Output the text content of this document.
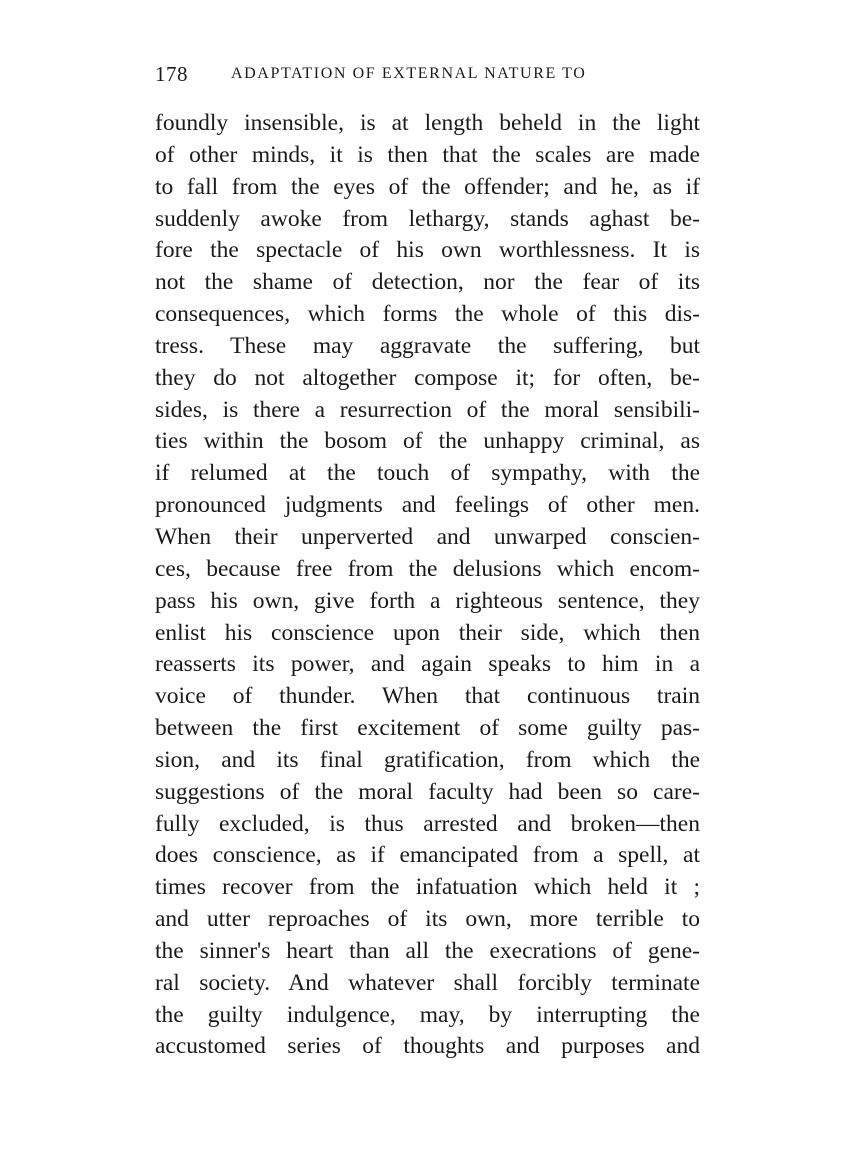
178	ADAPTATION OF EXTERNAL NATURE TO
foundly insensible, is at length beheld in the light
of other minds, it is then that the scales are made
to fall from the eyes of the offender; and he, as if
suddenly awoke from lethargy, stands aghast be-
fore the spectacle of his own worthlessness. It is
not the shame of detection, nor the fear of its
consequences, which forms the whole of this dis-
tress. These may aggravate the suffering, but
they do not altogether compose it; for often, be-
sides, is there a resurrection of the moral sensibili-
ties within the bosom of the unhappy criminal, as
if relumed at the touch of sympathy, with the
pronounced judgments and feelings of other men.
When their unperverted and unwarped conscien-
ces, because free from the delusions which encom-
pass his own, give forth a righteous sentence, they
enlist his conscience upon their side, which then
reasserts its power, and again speaks to him in a
voice of thunder. When that continuous train
between the first excitement of some guilty pas-
sion, and its final gratification, from which the
suggestions of the moral faculty had been so care-
fully excluded, is thus arrested and broken—then
does conscience, as if emancipated from a spell, at
times recover from the infatuation which held it ;
and utter reproaches of its own, more terrible to
the sinner's heart than all the execrations of gene-
ral society. And whatever shall forcibly terminate
the guilty indulgence, may, by interrupting the
accustomed series of thoughts and purposes and
